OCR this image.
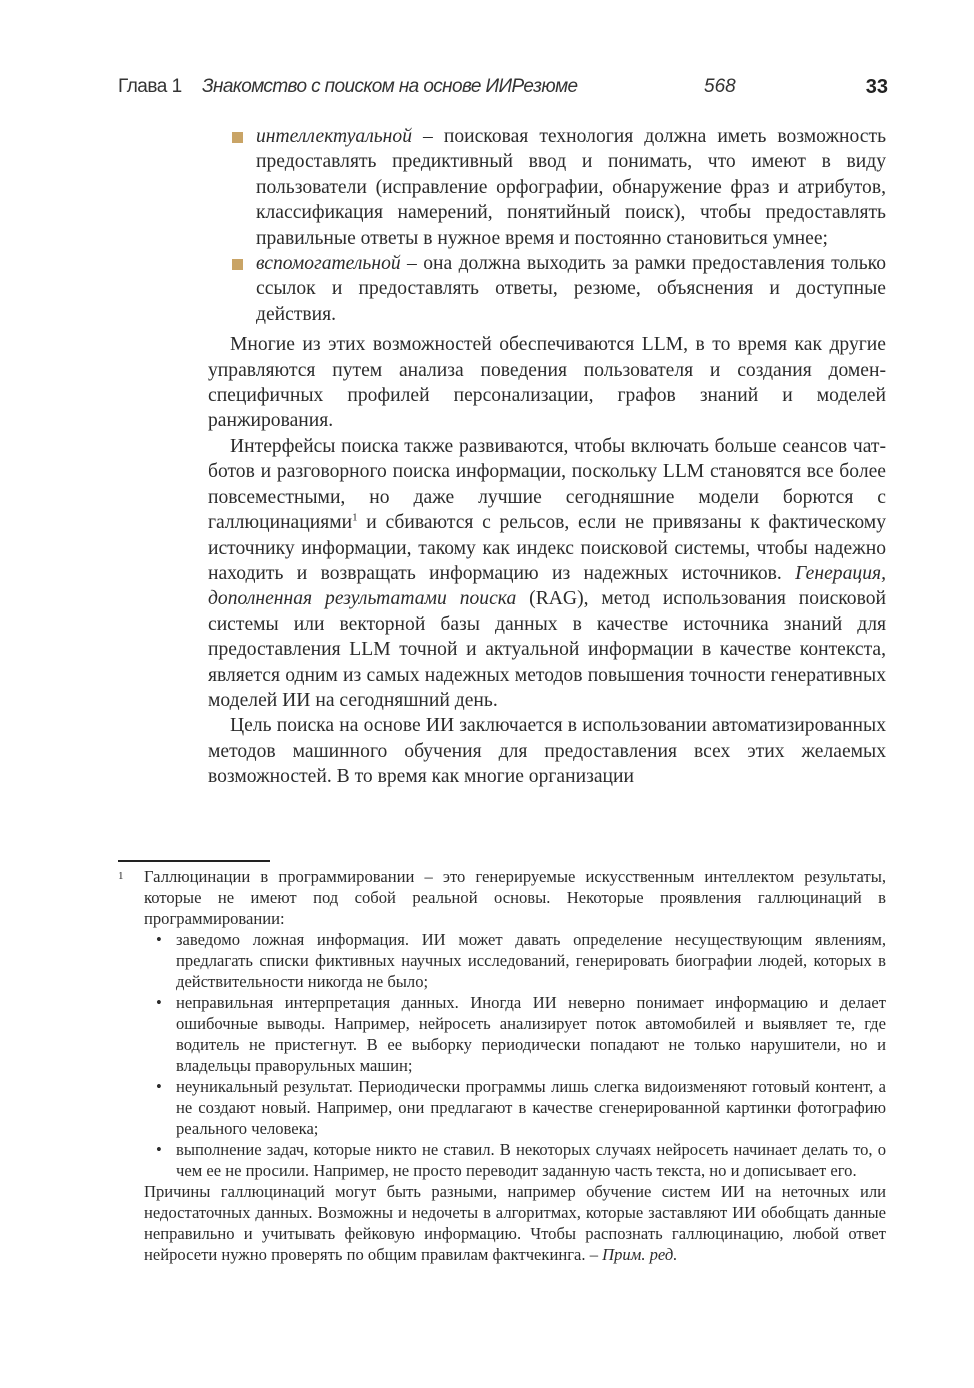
Глава 1 Знакомство с поиском на основе ИИРезюме	568	33
интеллектуальной – поисковая технология должна иметь возможность предоставлять предиктивный ввод и понимать, что имеют в виду пользователи (исправление орфографии, обнаружение фраз и атрибутов, классификация намерений, понятийный поиск), чтобы предоставлять правильные ответы в нужное время и постоянно становиться умнее;
вспомогательной – она должна выходить за рамки предоставления только ссылок и предоставлять ответы, резюме, объяснения и доступные действия.

Многие из этих возможностей обеспечиваются LLM, в то время как другие управляются путем анализа поведения пользователя и создания домен-специфичных профилей персонализации, графов знаний и моделей ранжирования.

Интерфейсы поиска также развиваются, чтобы включать больше сеансов чат-ботов и разговорного поиска информации, поскольку LLM становятся все более повсеместными, но даже лучшие сегодняшние модели борются с галлюцинациями$^1$ и сбиваются с рельсов, если не привязаны к фактическому источнику информации, такому как индекс поисковой системы, чтобы надежно находить и возвращать информацию из надежных источников. Генерация, дополненная результатами поиска (RAG), метод использования поисковой системы или векторной базы данных в качестве источника знаний для предоставления LLM точной и актуальной информации в качестве контекста, является одним из самых надежных методов повышения точности генеративных моделей ИИ на сегодняшний день.

Цель поиска на основе ИИ заключается в использовании автоматизированных методов машинного обучения для предоставления всех этих желаемых возможностей. В то время как многие организации

1 Галлюцинации в программировании – это генерируемые искусственным интеллектом результаты, которые не имеют под собой реальной основы. Некоторые проявления галлюцинаций в программировании:
• заведомо ложная информация. ИИ может давать определение несуществующим явлениям, предлагать списки фиктивных научных исследований, генерировать биографии людей, которых в действительности никогда не было;
• неправильная интерпретация данных. Иногда ИИ неверно понимает информацию и делает ошибочные выводы. Например, нейросеть анализирует поток автомобилей и выявляет те, где водитель не пристегнут. В ее выборку периодически попадают не только нарушители, но и владельцы праворульных машин;
• неуникальный результат. Периодически программы лишь слегка видоизменяют готовый контент, а не создают новый. Например, они предлагают в качестве сгенерированной картинки фотографию реального человека;
• выполнение задач, которые никто не ставил. В некоторых случаях нейросеть начинает делать то, о чем ее не просили. Например, не просто переводит заданную часть текста, но и дописывает его.
Причины галлюцинаций могут быть разными, например обучение систем ИИ на неточных или недостаточных данных. Возможны и недочеты в алгоритмах, которые заставляют ИИ обобщать данные неправильно и учитывать фейковую информацию. Чтобы распознать галлюцинацию, любой ответ нейросети нужно проверять по общим правилам фактчекинга. – Прим. ред.
